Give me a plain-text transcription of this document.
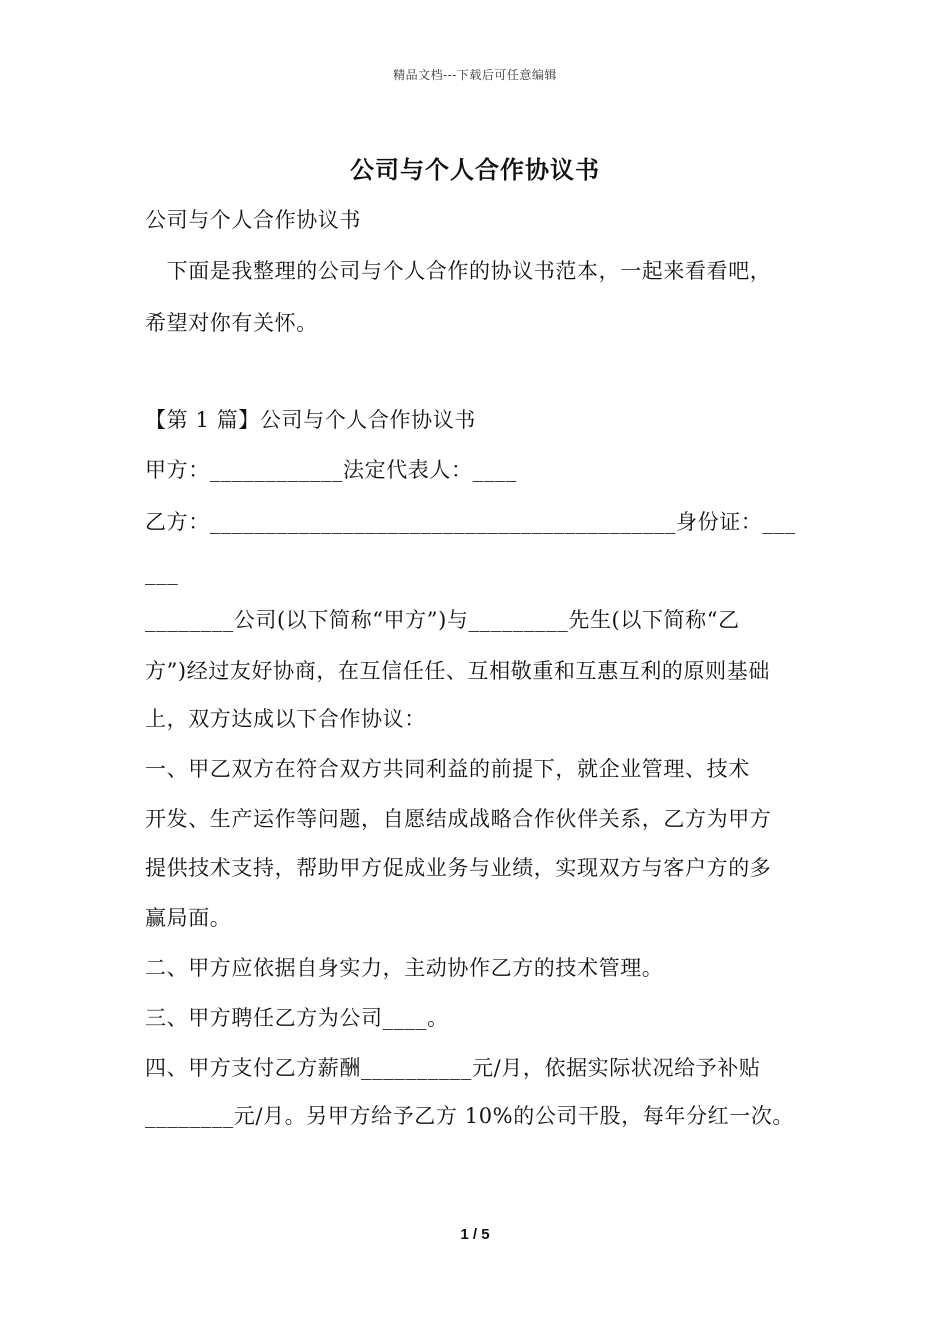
精品文档---下载后可任意编辑
公司与个人合作协议书
公司与个人合作协议书
　下面是我整理的公司与个人合作的协议书范本，一起来看看吧，
希望对你有关怀。
【第 1 篇】公司与个人合作协议书
甲方：____________法定代表人：____
乙方：__________________________________________身份证：___
___
________公司(以下简称“甲方”)与_________先生(以下简称“乙
方”)经过友好协商，在互信任任、互相敬重和互惠互利的原则基础
上，双方达成以下合作协议：
一、甲乙双方在符合双方共同利益的前提下，就企业管理、技术
开发、生产运作等问题，自愿结成战略合作伙伴关系，乙方为甲方
提供技术支持，帮助甲方促成业务与业绩，实现双方与客户方的多
赢局面。
二、甲方应依据自身实力，主动协作乙方的技术管理。
三、甲方聘任乙方为公司____。
四、甲方支付乙方薪酬__________元/月，依据实际状况给予补贴
________元/月。另甲方给予乙方 10%的公司干股，每年分红一次。
1 / 5
